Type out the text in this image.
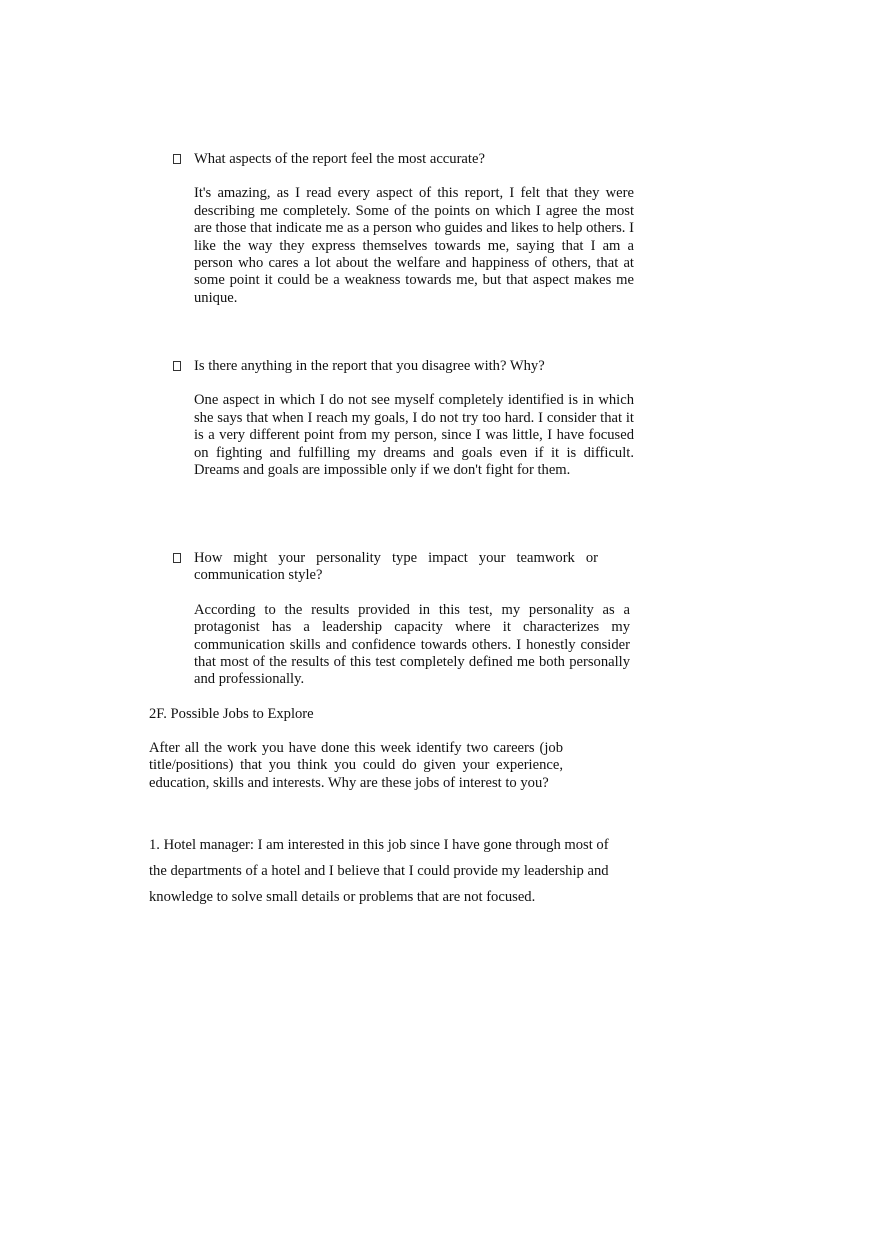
What aspects of the report feel the most accurate?
It's amazing, as I read every aspect of this report, I felt that they were describing me completely. Some of the points on which I agree the most are those that indicate me as a person who guides and likes to help others. I like the way they express themselves towards me, saying that I am a person who cares a lot about the welfare and happiness of others, that at some point it could be a weakness towards me, but that aspect makes me unique.
Is there anything in the report that you disagree with? Why?
One aspect in which I do not see myself completely identified is in which she says that when I reach my goals, I do not try too hard. I consider that it is a very different point from my person, since I was little, I have focused on fighting and fulfilling my dreams and goals even if it is difficult. Dreams and goals are impossible only if we don't fight for them.
How might your personality type impact your teamwork or communication style?
According to the results provided in this test, my personality as a protagonist has a leadership capacity where it characterizes my communication skills and confidence towards others. I honestly consider that most of the results of this test completely defined me both personally and professionally.
2F. Possible Jobs to Explore
After all the work you have done this week identify two careers (job title/positions) that you think you could do given your experience, education, skills and interests. Why are these jobs of interest to you?
1. Hotel manager: I am interested in this job since I have gone through most of the departments of a hotel and I believe that I could provide my leadership and knowledge to solve small details or problems that are not focused.
